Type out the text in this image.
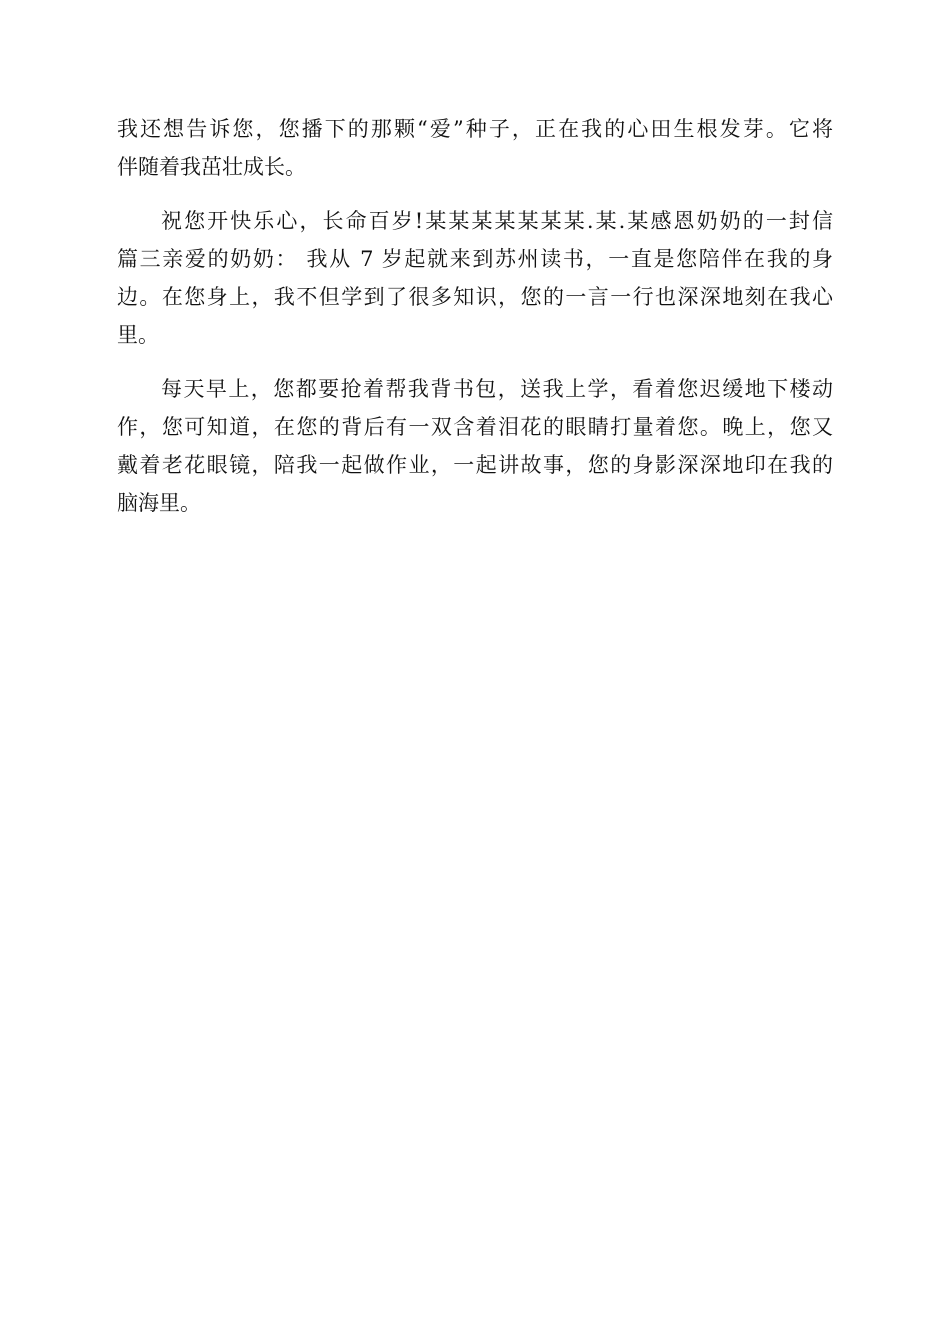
我还想告诉您，您播下的那颗“爱”种子，正在我的心田生根发芽。它将
伴随着我茁壮成长。
祝您开快乐心，长命百岁!某某某某某某某.某.某感恩奶奶的一封信
篇三亲爱的奶奶： 我从 7 岁起就来到苏州读书，一直是您陪伴在我的身
边。在您身上，我不但学到了很多知识，您的一言一行也深深地刻在我心
里。
每天早上，您都要抢着帮我背书包，送我上学，看着您迟缓地下楼动
作，您可知道，在您的背后有一双含着泪花的眼睛打量着您。晚上，您又
戴着老花眼镜，陪我一起做作业，一起讲故事，您的身影深深地印在我的
脑海里。
